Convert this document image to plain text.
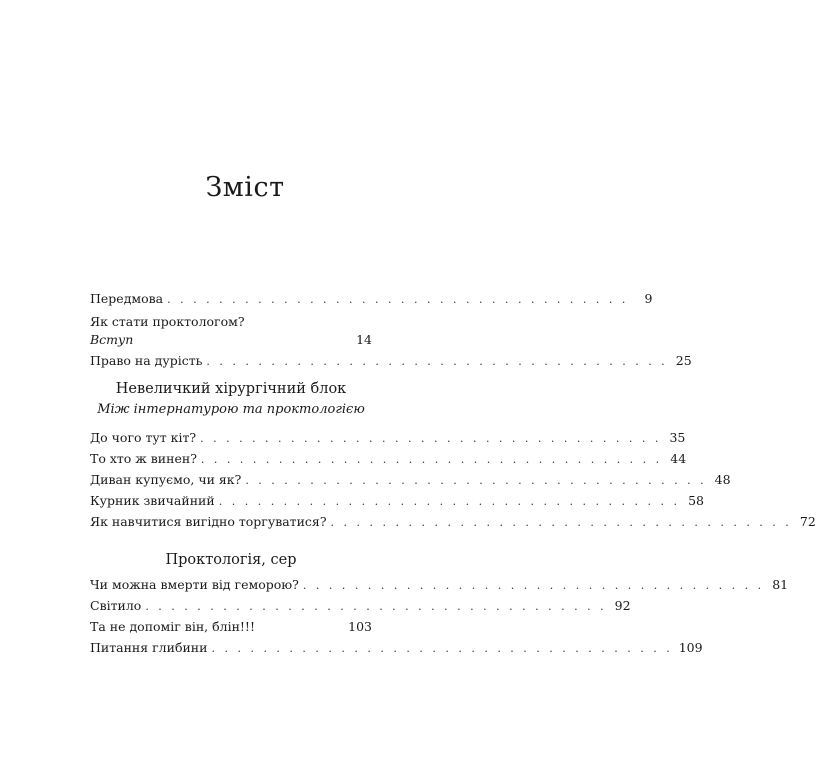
Зміст
Передмова . . . . . . . . . . . . . . . . . . . . . . . . . . . . . . . . . . . .	9
Як стати проктологом?
Вступ	14
Право на дурість . . . . . . . . . . . . . . . . . . . . . . . . . . . . . . . . . . . . 25
Невеличкий хірургічний блок
Між інтернатурою та проктологією
До чого тут кіт? . . . . . . . . . . . . . . . . . . . . . . . . . . . . . . . . . . . . 35
То хто ж винен? . . . . . . . . . . . . . . . . . . . . . . . . . . . . . . . . . . . . 44
Диван купуємо, чи як? . . . . . . . . . . . . . . . . . . . . . . . . . . . . . . . . . . . . 48
Курник звичайний . . . . . . . . . . . . . . . . . . . . . . . . . . . . . . . . . . . . 58
Як навчитися вигідно торгуватися? . . . . . . . . . . . . . . . . . . . . . . . . . . . . . . . . . . . . 72
Проктологія, сер
Чи можна вмерти від геморою? . . . . . . . . . . . . . . . . . . . . . . . . . . . . . . . . . . . . 81
Світило . . . . . . . . . . . . . . . . . . . . . . . . . . . . . . . . . . . . 92
Та не допоміг він, блін!!!	103
Питання глибини . . . . . . . . . . . . . . . . . . . . . . . . . . . . . . . . . . . . 109
